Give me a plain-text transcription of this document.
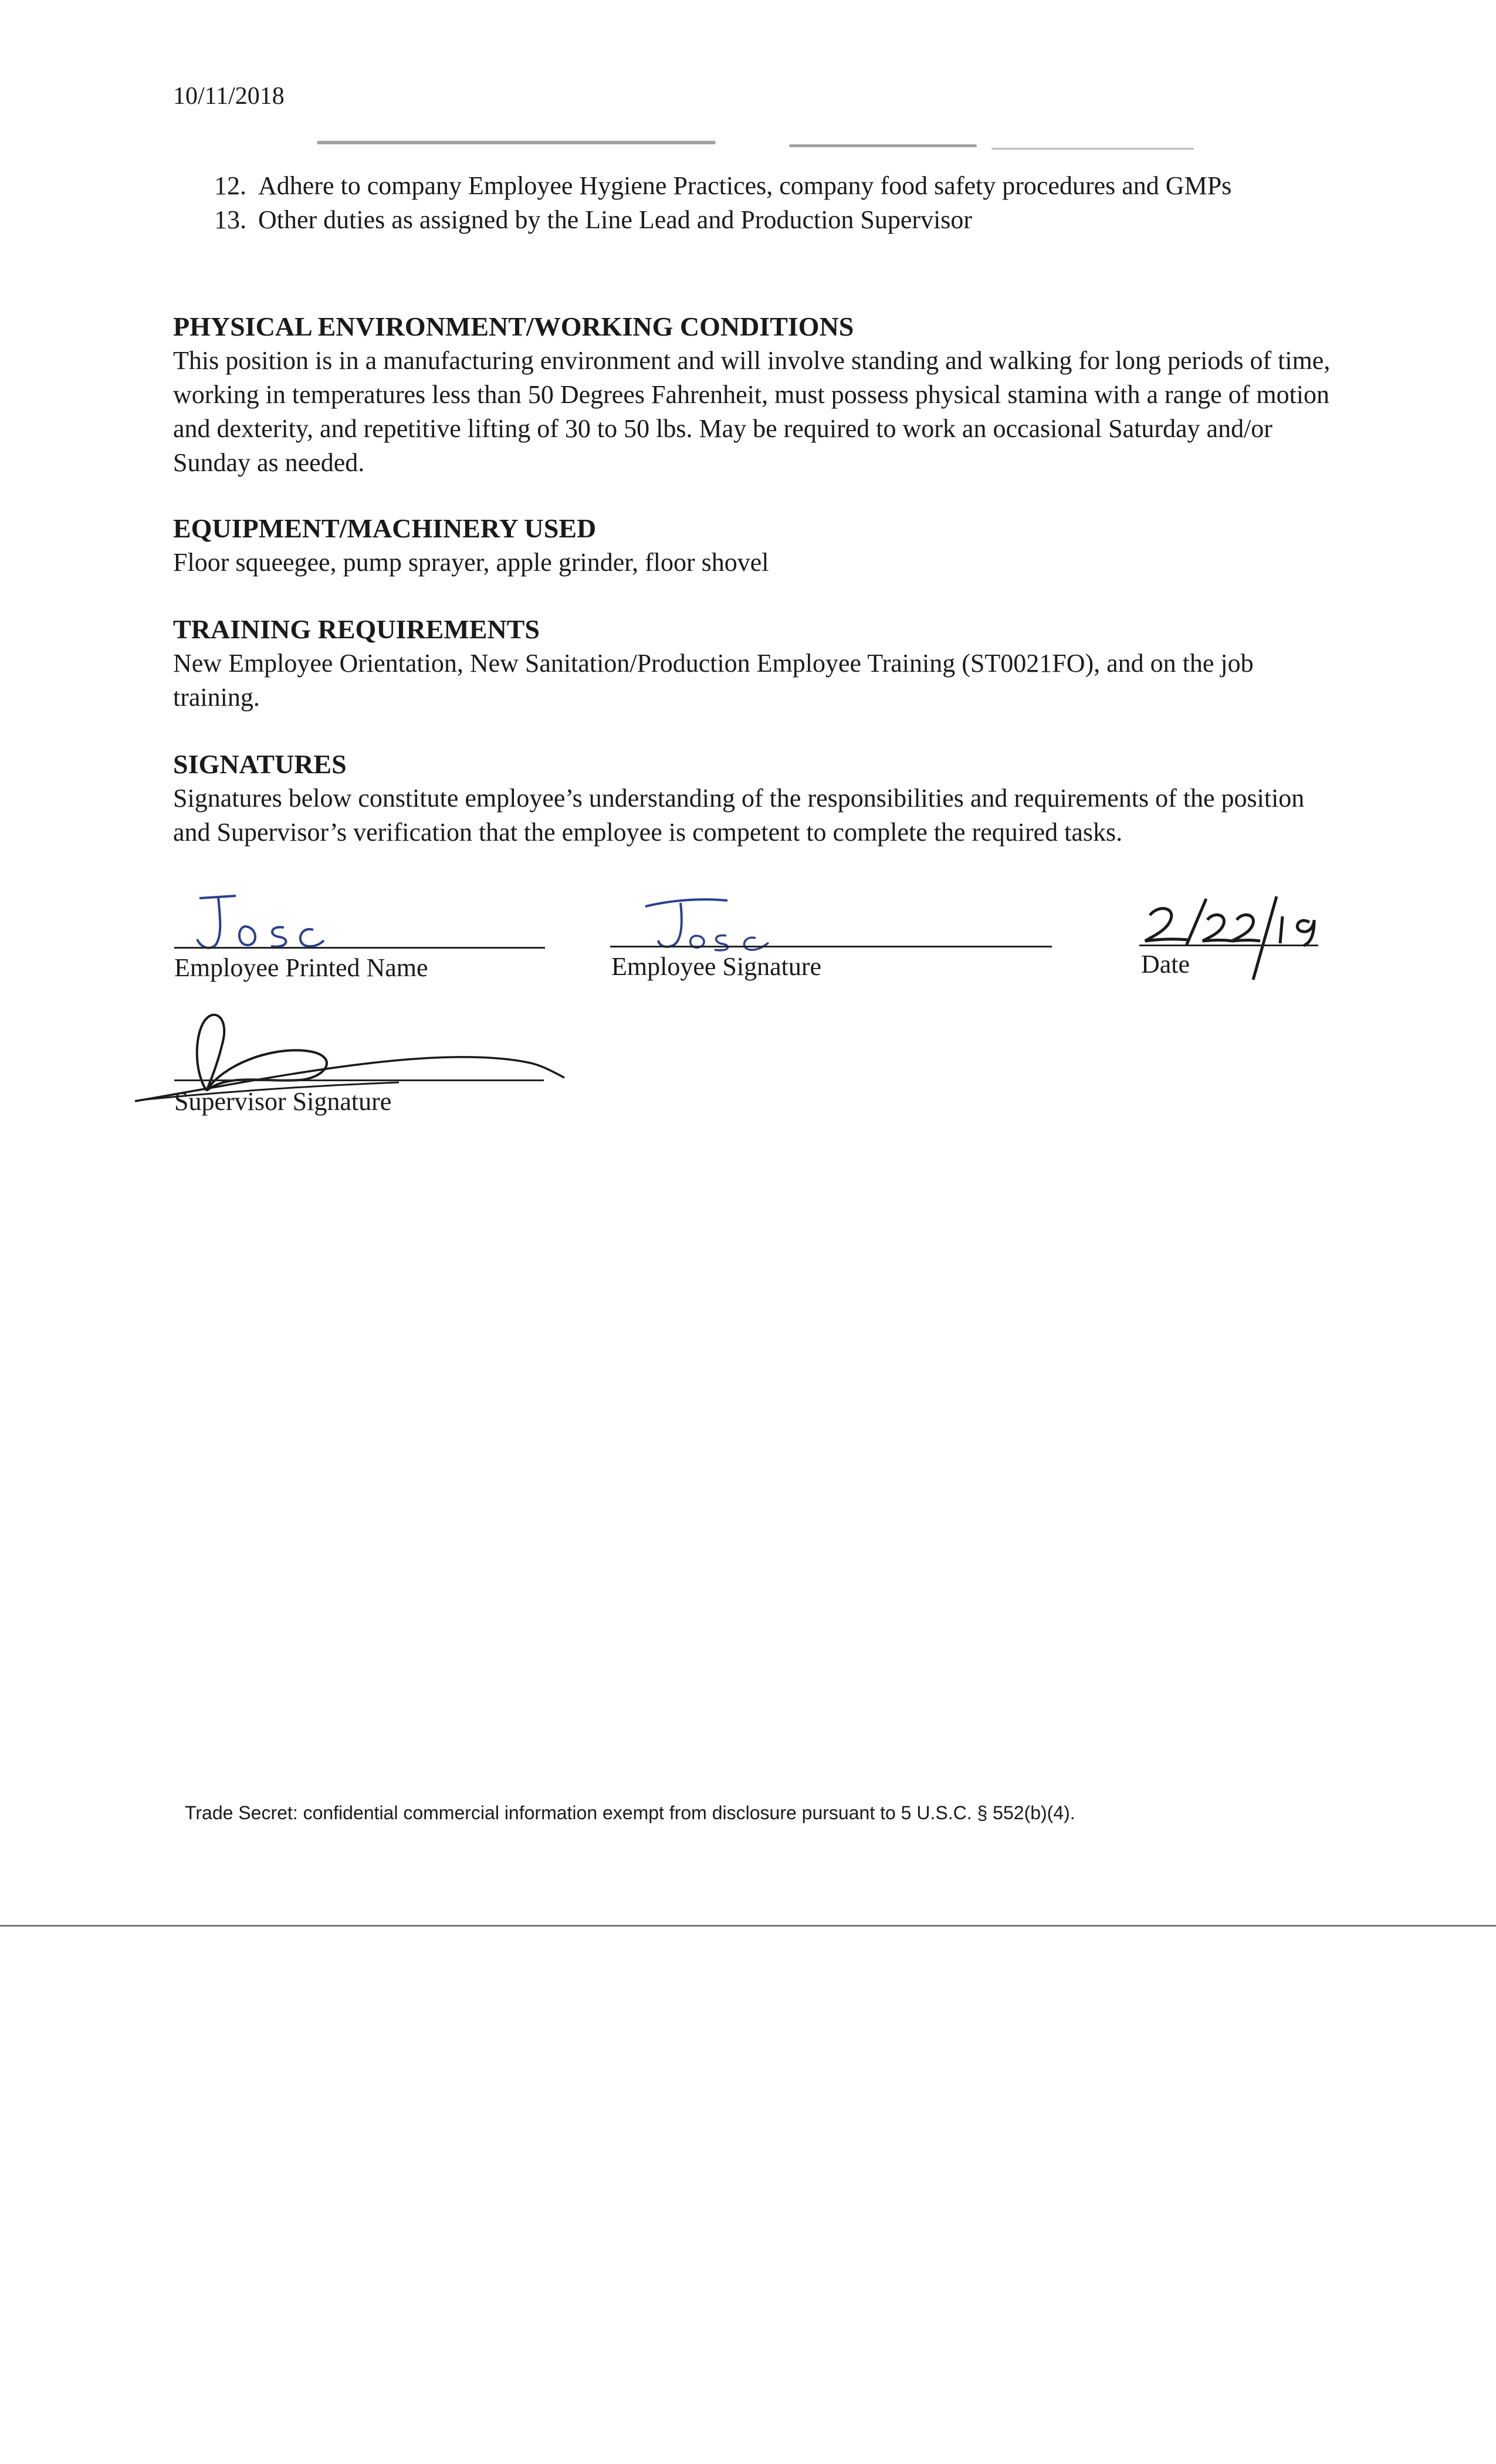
10/11/2018
12. Adhere to company Employee Hygiene Practices, company food safety procedures and GMPs
13. Other duties as assigned by the Line Lead and Production Supervisor
PHYSICAL ENVIRONMENT/WORKING CONDITIONS

This position is in a manufacturing environment and will involve standing and walking for long periods of time, working in temperatures less than 50 Degrees Fahrenheit, must possess physical stamina with a range of motion and dexterity, and repetitive lifting of 30 to 50 lbs. May be required to work an occasional Saturday and/or Sunday as needed.

EQUIPMENT/MACHINERY USED

Floor squeegee, pump sprayer, apple grinder, floor shovel

TRAINING REQUIREMENTS

New Employee Orientation, New Sanitation/Production Employee Training (ST0021FO), and on the job training.

SIGNATURES

Signatures below constitute employee’s understanding of the responsibilities and requirements of the position and Supervisor’s verification that the employee is competent to complete the required tasks.

Employee Printed Name	Employee Signature	Date
Supervisor Signature
Trade Secret: confidential commercial information exempt from disclosure pursuant to 5 U.S.C. § 552(b)(4).
